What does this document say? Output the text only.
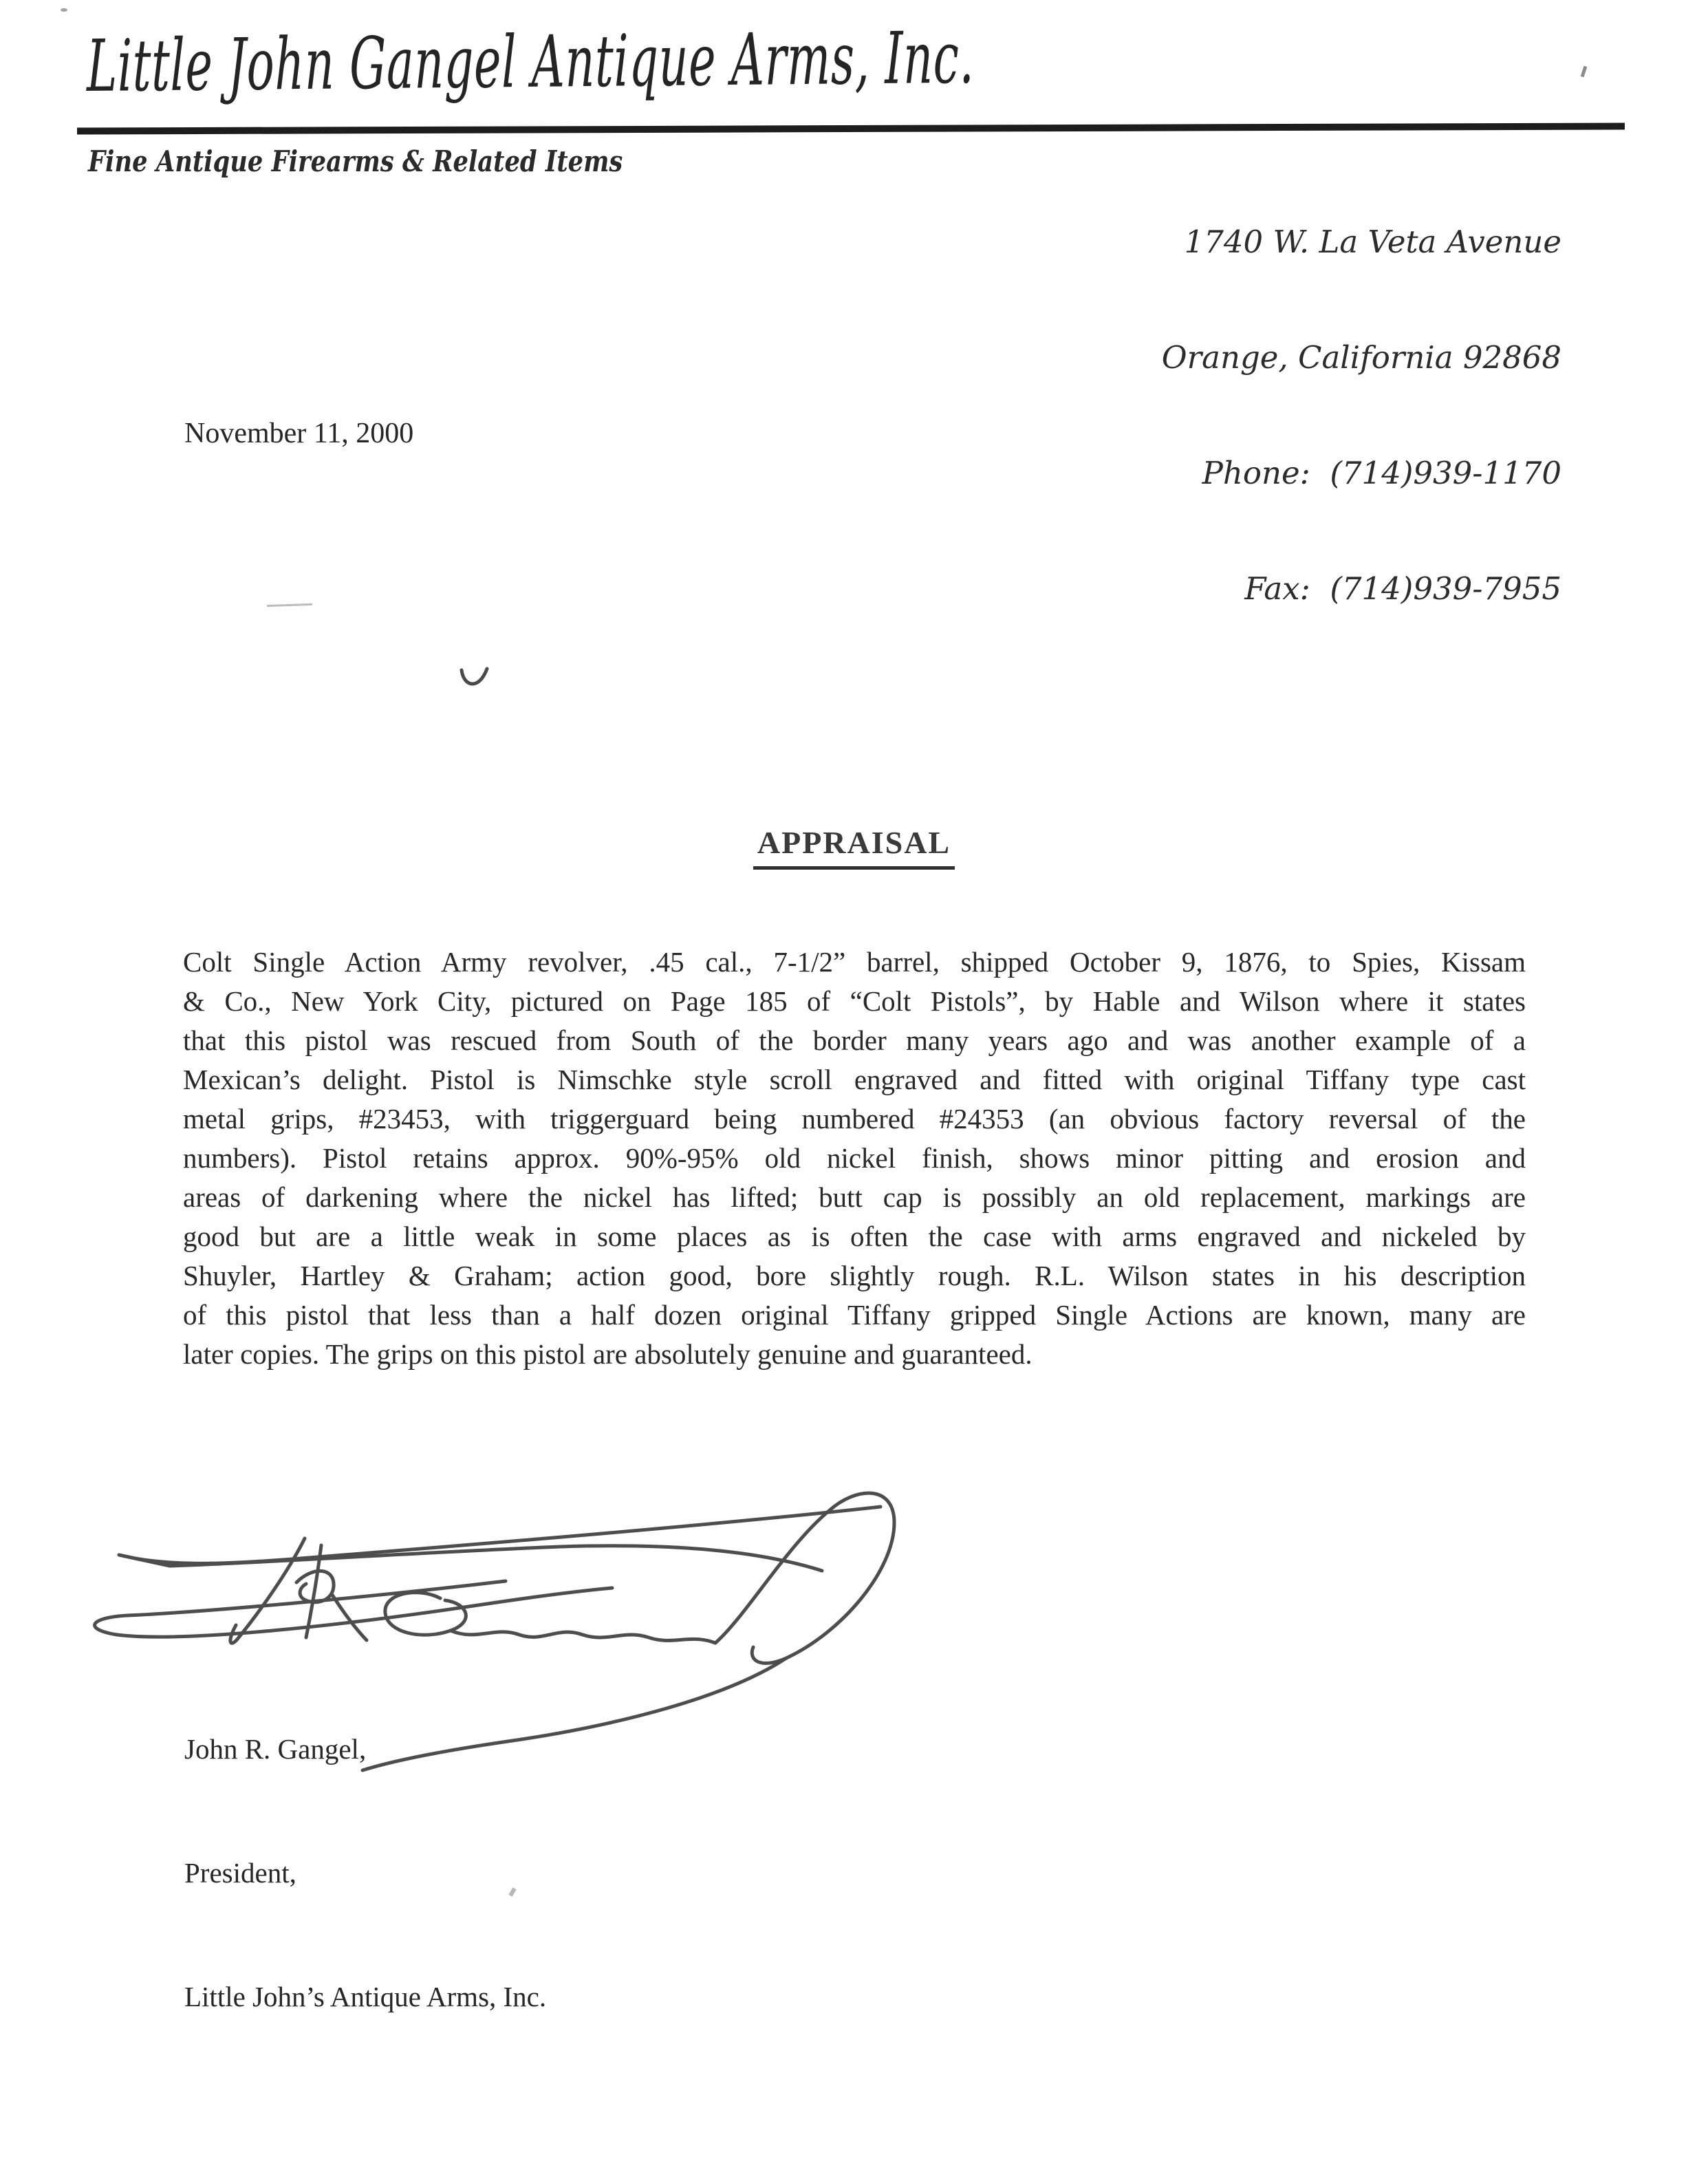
Little John Gangel Antique Arms, Inc.
Fine Antique Firearms & Related Items

1740 W. La Veta Avenue

Orange, California 92868

Phone:  (714)939-1170

Fax:  (714)939-7955

November 11, 2000
APPRAISAL
Colt Single Action Army revolver, .45 cal., 7-1/2” barrel, shipped October 9, 1876, to Spies, Kissam
& Co., New York City, pictured on Page 185 of “Colt Pistols”, by Hable and Wilson where it states
that this pistol was rescued from South of the border many years ago and was another example of a
Mexican’s delight. Pistol is Nimschke style scroll engraved and fitted with original Tiffany type cast
metal grips, #23453, with triggerguard being numbered #24353 (an obvious factory reversal of the
numbers). Pistol retains approx. 90%-95% old nickel finish, shows minor pitting and erosion and
areas of darkening where the nickel has lifted; butt cap is possibly an old replacement, markings are
good but are a little weak in some places as is often the case with arms engraved and nickeled by
Shuyler, Hartley & Graham; action good, bore slightly rough. R.L. Wilson states in his description
of this pistol that less than a half dozen original Tiffany gripped Single Actions are known, many are
later copies. The grips on this pistol are absolutely genuine and guaranteed.

John R. Gangel,

President,

Little John’s Antique Arms, Inc.
